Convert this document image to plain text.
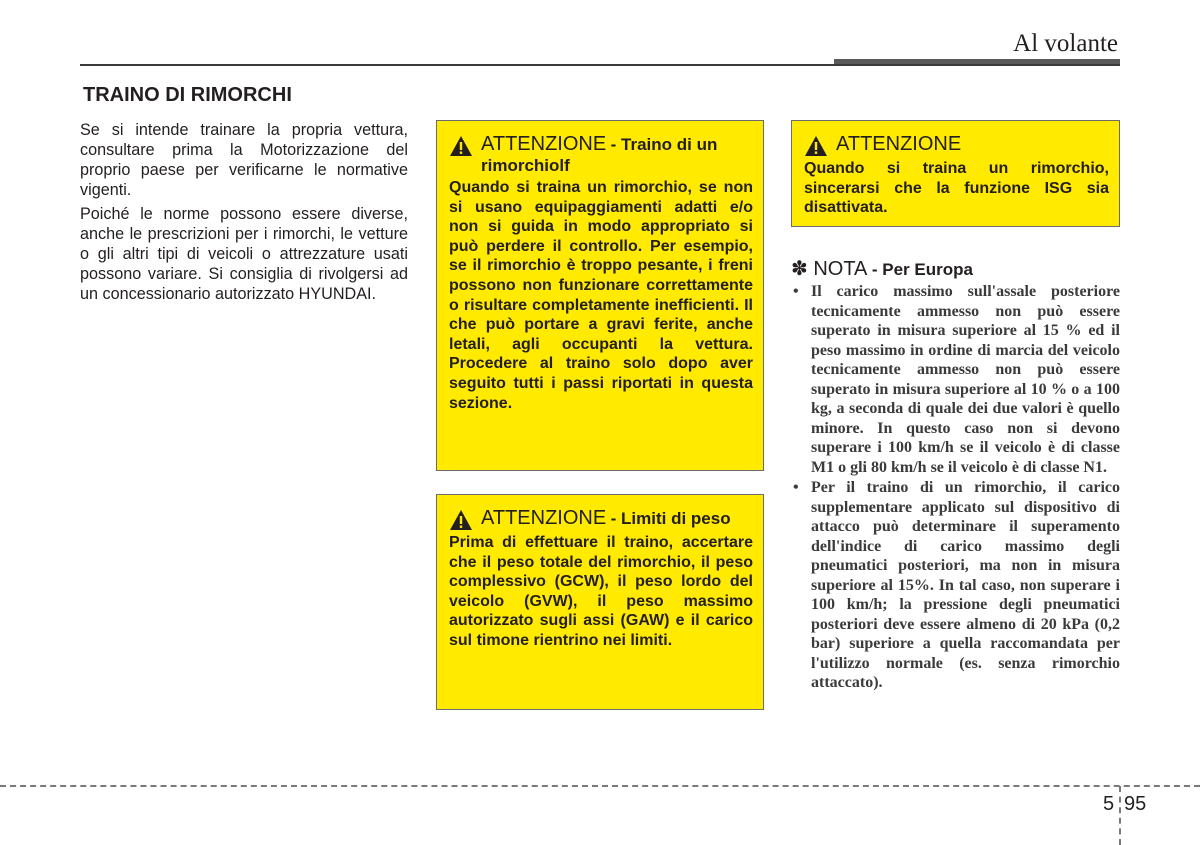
Al volante
TRAINO DI RIMORCHI

Se si intende trainare la propria vettura, consultare prima la Motorizzazione del proprio paese per verificarne le normative vigenti.

Poiché le norme possono essere diverse, anche le prescrizioni per i rimorchi, le vetture o gli altri tipi di veicoli o attrezzature usati possono variare. Si consiglia di rivolgersi ad un concessionario autorizzato HYUNDAI.

ATTENZIONE - Traino di un rimorchiolf
Quando si traina un rimorchio, se non si usano equipaggiamenti adatti e/o non si guida in modo appropriato si può perdere il controllo. Per esempio, se il rimorchio è troppo pesante, i freni possono non funzionare correttamente o risultare completamente inefficienti. Il che può portare a gravi ferite, anche letali, agli occupanti la vettura. Procedere al traino solo dopo aver seguito tutti i passi riportati in questa sezione.
ATTENZIONE - Limiti di peso
Prima di effettuare il traino, accertare che il peso totale del rimorchio, il peso complessivo (GCW), il peso lordo del veicolo (GVW), il peso massimo autorizzato sugli assi (GAW) e il carico sul timone rientrino nei limiti.
ATTENZIONE
Quando si traina un rimorchio, sincerarsi che la funzione ISG sia disattivata.
✽ NOTA - Per Europa
• Il carico massimo sull'assale posteriore tecnicamente ammesso non può essere superato in misura superiore al 15 % ed il peso massimo in ordine di marcia del veicolo tecnicamente ammesso non può essere superato in misura superiore al 10 % o a 100 kg, a seconda di quale dei due valori è quello minore. In questo caso non si devono superare i 100 km/h se il veicolo è di classe M1 o gli 80 km/h se il veicolo è di classe N1.
• Per il traino di un rimorchio, il carico supplementare applicato sul dispositivo di attacco può determinare il superamento dell'indice di carico massimo degli pneumatici posteriori, ma non in misura superiore al 15%. In tal caso, non superare i 100 km/h; la pressione degli pneumatici posteriori deve essere almeno di 20 kPa (0,2 bar) superiore a quella raccomandata per l'utilizzo normale (es. senza rimorchio attaccato).
5 95
